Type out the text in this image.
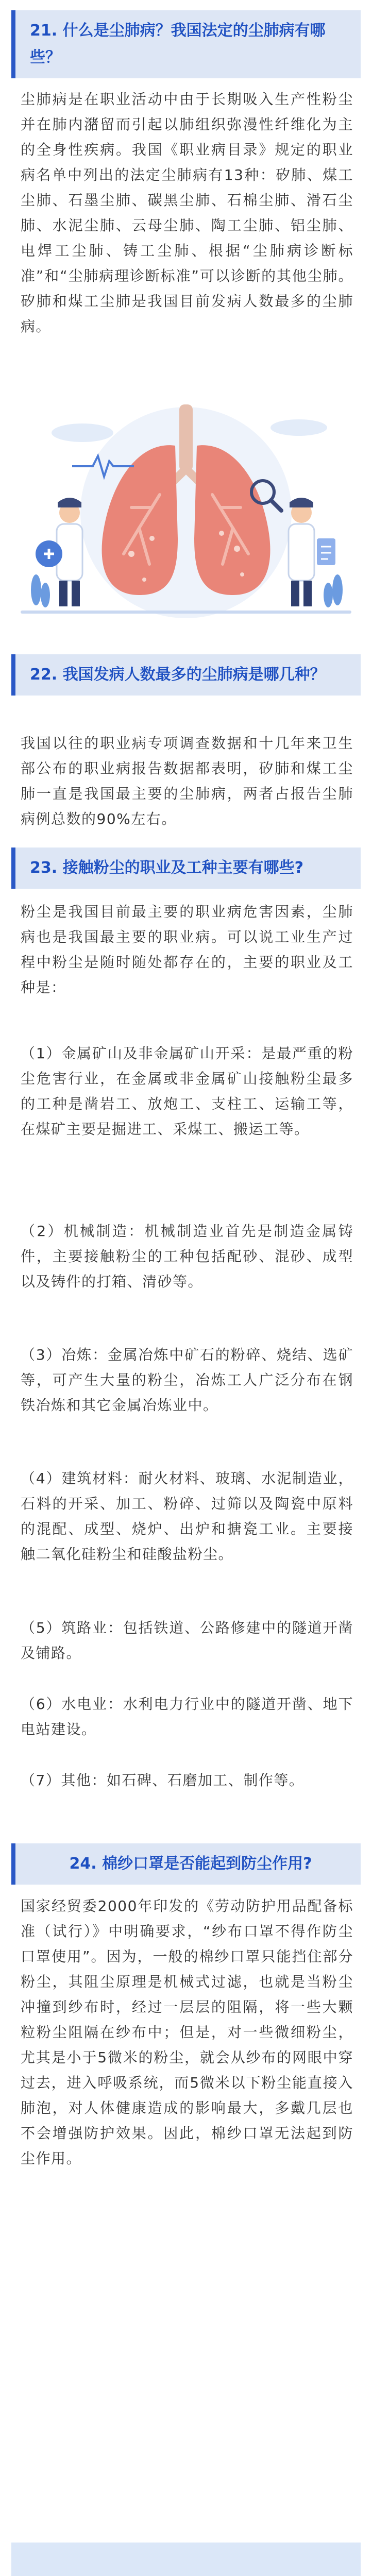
21. 什么是尘肺病？我国法定的尘肺病有哪些？

尘肺病是在职业活动中由于长期吸入生产性粉尘并在肺内潴留而引起以肺组织弥漫性纤维化为主的全身性疾病。我国《职业病目录》规定的职业病名单中列出的法定尘肺病有13种：矽肺、煤工尘肺、石墨尘肺、碳黑尘肺、石棉尘肺、滑石尘肺、水泥尘肺、云母尘肺、陶工尘肺、铝尘肺、电焊工尘肺、铸工尘肺、根据“尘肺病诊断标准”和“尘肺病理诊断标准”可以诊断的其他尘肺。矽肺和煤工尘肺是我国目前发病人数最多的尘肺病。

22. 我国发病人数最多的尘肺病是哪几种？

我国以往的职业病专项调查数据和十几年来卫生部公布的职业病报告数据都表明，矽肺和煤工尘肺一直是我国最主要的尘肺病，两者占报告尘肺病例总数的90%左右。

23. 接触粉尘的职业及工种主要有哪些?

粉尘是我国目前最主要的职业病危害因素，尘肺病也是我国最主要的职业病。可以说工业生产过程中粉尘是随时随处都存在的，主要的职业及工种是：

（1）金属矿山及非金属矿山开采：是最严重的粉尘危害行业，在金属或非金属矿山接触粉尘最多的工种是凿岩工、放炮工、支柱工、运输工等，在煤矿主要是掘进工、采煤工、搬运工等。

（2）机械制造：机械制造业首先是制造金属铸件，主要接触粉尘的工种包括配砂、混砂、成型以及铸件的打箱、清砂等。

（3）冶炼：金属冶炼中矿石的粉碎、烧结、选矿等，可产生大量的粉尘，冶炼工人广泛分布在钢铁冶炼和其它金属冶炼业中。

（4）建筑材料：耐火材料、玻璃、水泥制造业，石料的开采、加工、粉碎、过筛以及陶瓷中原料的混配、成型、烧炉、出炉和搪瓷工业。主要接触二氧化硅粉尘和硅酸盐粉尘。

（5）筑路业：包括铁道、公路修建中的隧道开凿及铺路。

（6）水电业：水利电力行业中的隧道开凿、地下电站建设。

（7）其他：如石碑、石磨加工、制作等。

24. 棉纱口罩是否能起到防尘作用?

国家经贸委2000年印发的《劳动防护用品配备标准（试行）》中明确要求，“纱布口罩不得作防尘口罩使用”。因为，一般的棉纱口罩只能挡住部分粉尘，其阻尘原理是机械式过滤，也就是当粉尘冲撞到纱布时，经过一层层的阻隔，将一些大颗粒粉尘阻隔在纱布中；但是，对一些微细粉尘，尤其是小于5微米的粉尘，就会从纱布的网眼中穿过去，进入呼吸系统，而5微米以下粉尘能直接入肺泡，对人体健康造成的影响最大，多戴几层也不会增强防护效果。因此，棉纱口罩无法起到防尘作用。
